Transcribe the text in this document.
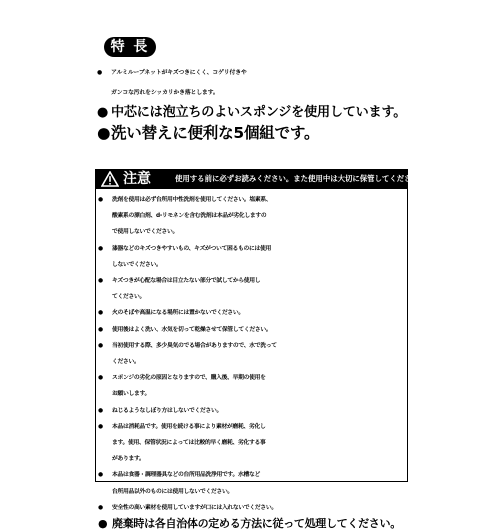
特 長
● アルミループネットがキズつきにくく、コゲリ付きや
ガンコな汚れをシッカリかき落とします。
● 中芯には泡立ちのよいスポンジを使用しています。
●洗い替えに便利な5個組です。
注意	使用する前に必ずお読みください。また使用中は大切に保管してください。
● 洗剤を使用は必ず台所用中性洗剤を使用してください。塩素系、
酸素系の漂白剤、d-リモネンを含む洗剤は本品が劣化しますの
で使用しないでください。
● 漆器などのキズつきやすいもの、キズがついて困るものには使用
しないでください。
● キズつきが心配な場合は目立たない部分で試してから使用し
てください。
● 火のそばや高温になる場所には置かないでください。
● 使用後はよく洗い、水気を切って乾燥させて保管してください。
● 当初使用する際、多少臭気のでる場合がありますので、水で洗って
ください。
● スポンジの劣化の原因となりますので、購入後、早期の使用を
お願いします。
● ねじるようなしぼり方はしないでください。
● 本品は消耗品です。使用を続ける事により素材が磨耗、劣化し
ます。使用、保管状況によっては比較的早く磨耗、劣化する事
があります。
● 本品は食器・調理器具などの台所用品洗浄用です。水槽など
台所用品以外のものには使用しないでください。
● 安全性の高い素材を使用していますが口には入れないでください。
● 廃棄時は各自治体の定める方法に従って処理してください。
